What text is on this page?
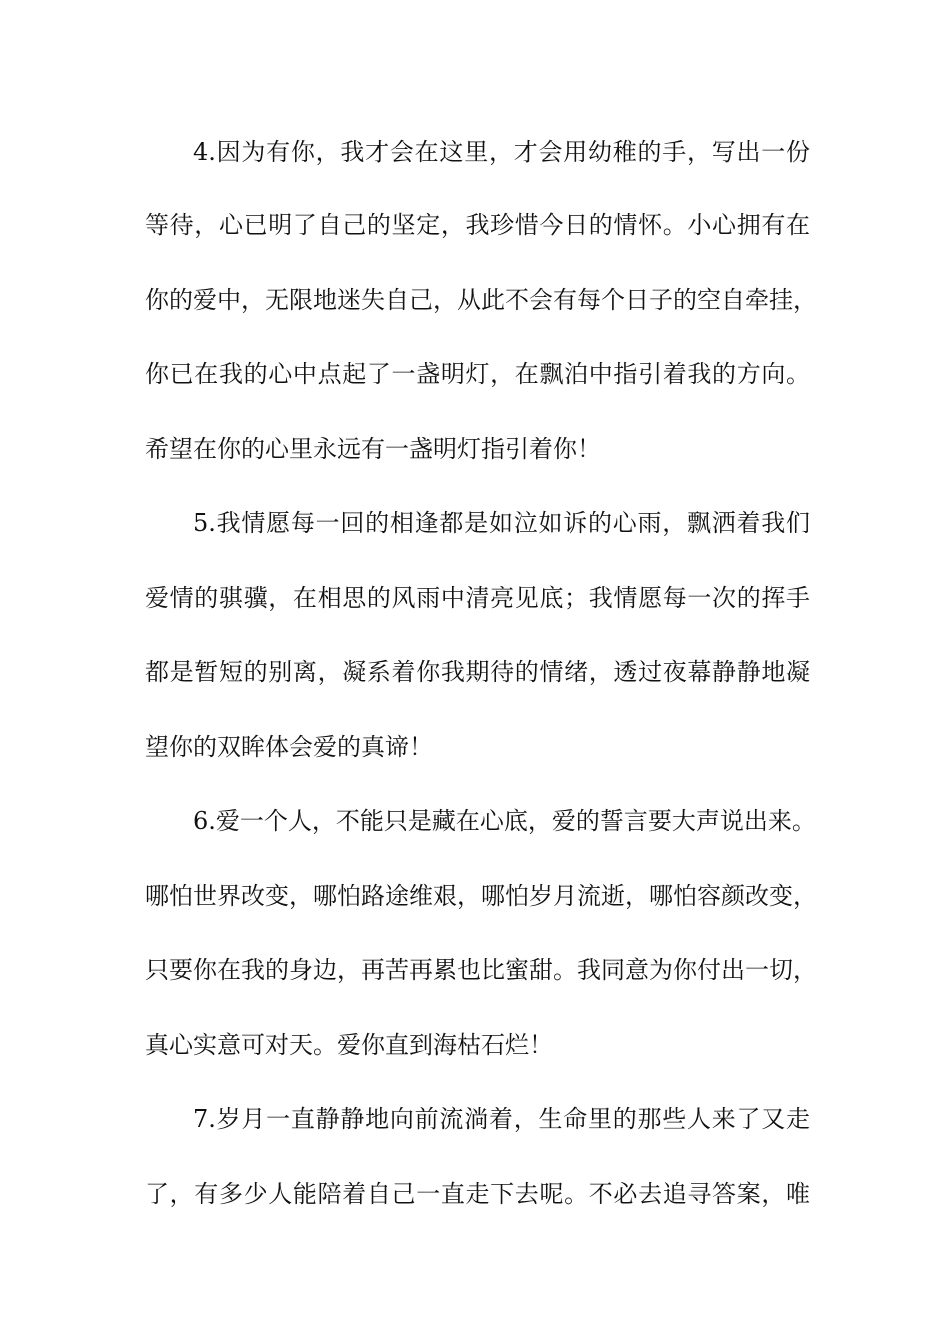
4.因为有你，我才会在这里，才会用幼稚的手，写出一份
等待，心已明了自己的坚定，我珍惜今日的情怀。小心拥有在
你的爱中，无限地迷失自己，从此不会有每个日子的空自牵挂，
你已在我的心中点起了一盏明灯，在飘泊中指引着我的方向。
希望在你的心里永远有一盏明灯指引着你！
5.我情愿每一回的相逢都是如泣如诉的心雨，飘洒着我们
爱情的骐骥，在相思的风雨中清亮见底；我情愿每一次的挥手
都是暂短的别离，凝系着你我期待的情绪，透过夜幕静静地凝
望你的双眸体会爱的真谛！
6.爱一个人，不能只是藏在心底，爱的誓言要大声说出来。
哪怕世界改变，哪怕路途维艰，哪怕岁月流逝，哪怕容颜改变，
只要你在我的身边，再苦再累也比蜜甜。我同意为你付出一切，
真心实意可对天。爱你直到海枯石烂！
7.岁月一直静静地向前流淌着，生命里的那些人来了又走
了，有多少人能陪着自己一直走下去呢。不必去追寻答案，唯
